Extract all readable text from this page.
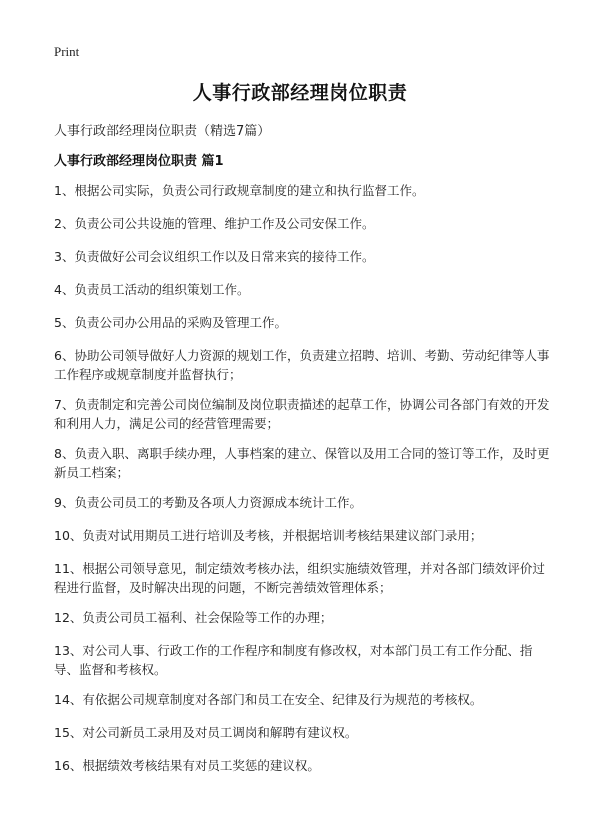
Print
人事行政部经理岗位职责

人事行政部经理岗位职责（精选7篇）

人事行政部经理岗位职责 篇1
1、根据公司实际，负责公司行政规章制度的建立和执行监督工作。
2、负责公司公共设施的管理、维护工作及公司安保工作。
3、负责做好公司会议组织工作以及日常来宾的接待工作。
4、负责员工活动的组织策划工作。
5、负责公司办公用品的采购及管理工作。
6、协助公司领导做好人力资源的规划工作，负责建立招聘、培训、考勤、劳动纪律等人事工作程序或规章制度并监督执行；
7、负责制定和完善公司岗位编制及岗位职责描述的起草工作，协调公司各部门有效的开发和利用人力，满足公司的经营管理需要；
8、负责入职、离职手续办理，人事档案的建立、保管以及用工合同的签订等工作，及时更新员工档案；
9、负责公司员工的考勤及各项人力资源成本统计工作。
10、负责对试用期员工进行培训及考核，并根据培训考核结果建议部门录用；
11、根据公司领导意见，制定绩效考核办法，组织实施绩效管理，并对各部门绩效评价过程进行监督，及时解决出现的问题，不断完善绩效管理体系；
12、负责公司员工福利、社会保险等工作的办理；
13、对公司人事、行政工作的工作程序和制度有修改权，对本部门员工有工作分配、指导、监督和考核权。
14、有依据公司规章制度对各部门和员工在安全、纪律及行为规范的考核权。
15、对公司新员工录用及对员工调岗和解聘有建议权。
16、根据绩效考核结果有对员工奖惩的建议权。
